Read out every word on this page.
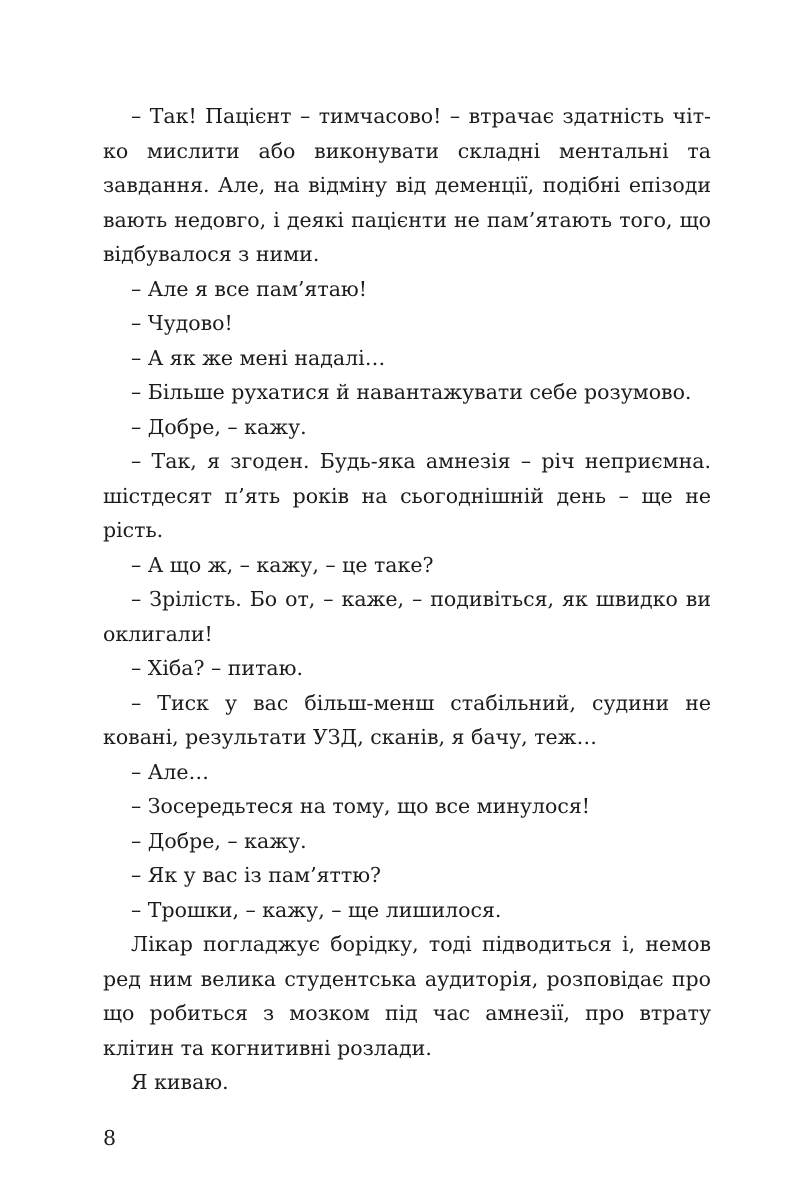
– Так! Пацієнт – тимчасово! – втрачає здатність чіт-
ко мислити або виконувати складні ментальні та
завдання. Але, на відміну від деменції, подібні епізоди
вають недовго, і деякі пацієнти не пам’ятають того, що
відбувалося з ними.
– Але я все пам’ятаю!
– Чудово!
– А як же мені надалі…
– Більше рухатися й навантажувати себе розумово.
– Добре, – кажу.
– Так, я згоден. Будь-яка амнезія – річ неприємна.
шістдесят п’ять років на сьогоднішній день – ще не
рість.
– А що ж, – кажу, – це таке?
– Зрілість. Бо от, – каже, – подивіться, як швидко ви
оклигали!
– Хіба? – питаю.
– Тиск у вас більш-менш стабільний, судини не
ковані, результати УЗД, сканів, я бачу, теж…
– Але…
– Зосередьтеся на тому, що все минулося!
– Добре, – кажу.
– Як у вас із пам’яттю?
– Трошки, – кажу, – ще лишилося.
Лікар погладжує борідку, тоді підводиться і, немов
ред ним велика студентська аудиторія, розповідає про
що робиться з мозком під час амнезії, про втрату
клітин та когнитивні розлади.
Я киваю.
8
